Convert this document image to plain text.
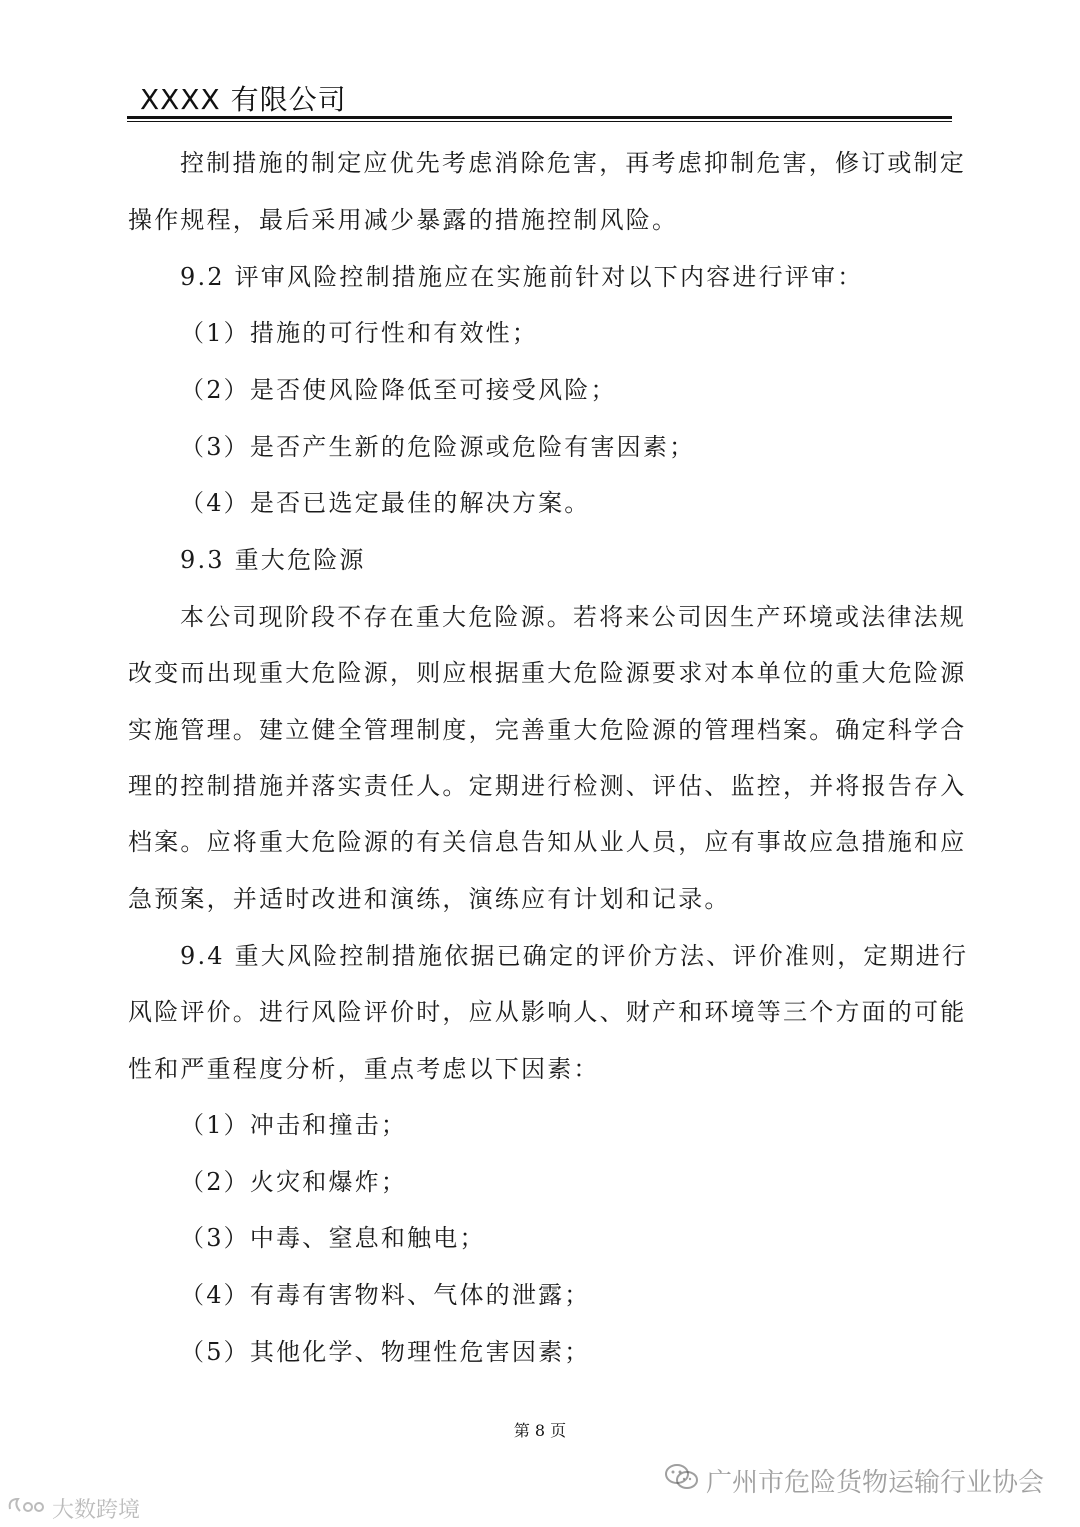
XXXX 有限公司
控制措施的制定应优先考虑消除危害，再考虑抑制危害，修订或制定
操作规程，最后采用减少暴露的措施控制风险。
9.2 评审风险控制措施应在实施前针对以下内容进行评审：
（1）措施的可行性和有效性；
（2）是否使风险降低至可接受风险；
（3）是否产生新的危险源或危险有害因素；
（4）是否已选定最佳的解决方案。
9.3 重大危险源
本公司现阶段不存在重大危险源。若将来公司因生产环境或法律法规
改变而出现重大危险源，则应根据重大危险源要求对本单位的重大危险源
实施管理。建立健全管理制度，完善重大危险源的管理档案。确定科学合
理的控制措施并落实责任人。定期进行检测、评估、监控，并将报告存入
档案。应将重大危险源的有关信息告知从业人员，应有事故应急措施和应
急预案，并适时改进和演练，演练应有计划和记录。
9.4 重大风险控制措施依据已确定的评价方法、评价准则，定期进行
风险评价。进行风险评价时，应从影响人、财产和环境等三个方面的可能
性和严重程度分析，重点考虑以下因素：
（1）冲击和撞击；
（2）火灾和爆炸；
（3）中毒、窒息和触电；
（4）有毒有害物料、气体的泄露；
（5）其他化学、物理性危害因素；
第 8 页
广州市危险货物运输行业协会
大数跨境
